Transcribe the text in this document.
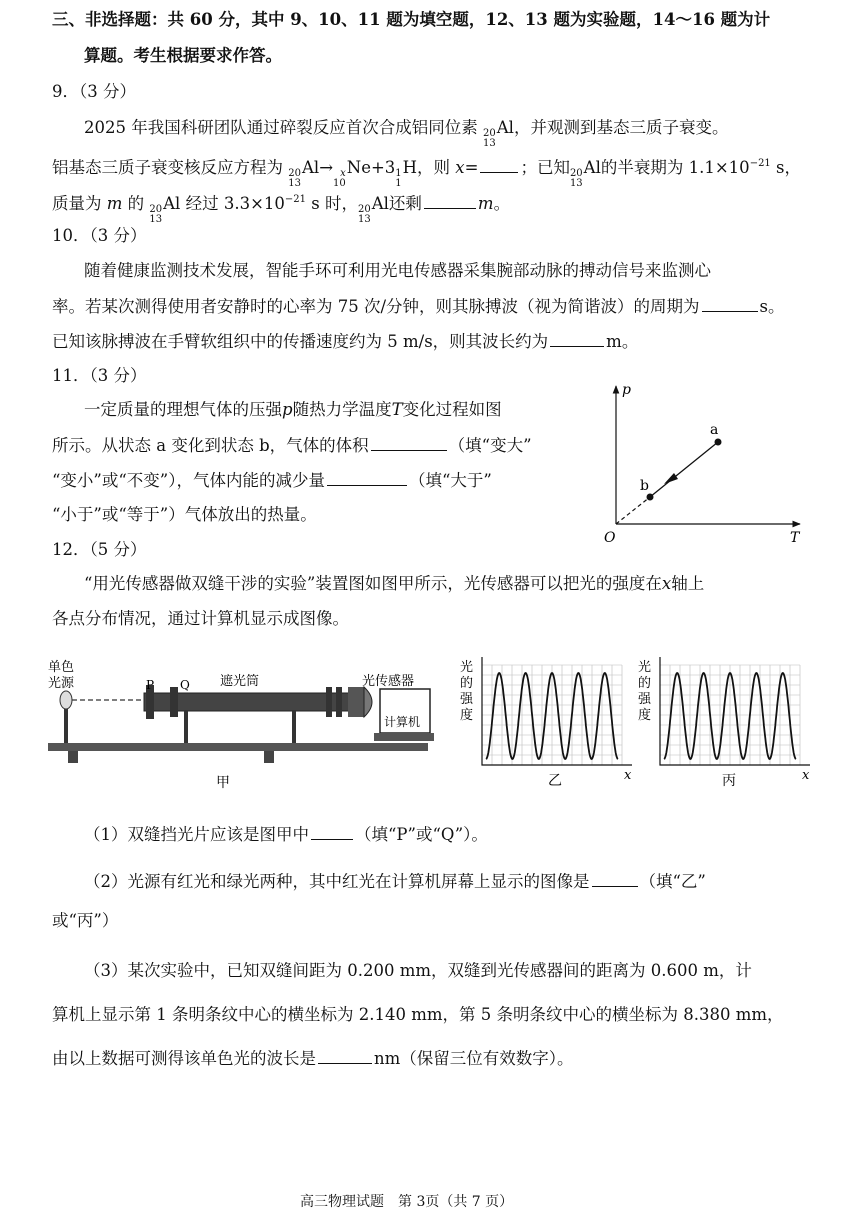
三、非选择题：共 60 分，其中 9、10、11 题为填空题，12、13 题为实验题，14～16 题为计
算题。考生根据要求作答。
9．（3 分）
2025 年我国科研团队通过碎裂反应首次合成铝同位素 20
13
Al，并观测到基态三质子衰变。
铝基态三质子衰变核反应方程为 20
13
Al→ x
10
Ne+3 1
1
H，则 x=	；已知 20
13
Al的半衰期为 $1.1\times 10^{-21}$ s，
质量为 m 的 20
13
Al 经过 $3.3\times 10^{-21}$ s 时， 20
13
Al还剩	m。
10．（3 分）
随着健康监测技术发展，智能手环可利用光电传感器采集腕部动脉的搏动信号来监测心
率。若某次测得使用者安静时的心率为 75 次/分钟，则其脉搏波（视为简谐波）的周期为	s。
已知该脉搏波在手臂软组织中的传播速度约为 5 m/s，则其波长约为	m。
11．（3 分）
一定质量的理想气体的压强p随热力学温度T变化过程如图
所示。从状态 a 变化到状态 b，气体的体积	（填“变大”
“变小”或“不变”），气体内能的减少量	（填“大于”
“小于”或“等于”）气体放出的热量。
p
T
O
a
b
12．（5 分）
“用光传感器做双缝干涉的实验”装置图如图甲所示，光传感器可以把光的强度在x轴上
各点分布情况，通过计算机显示成图像。
计算机
单色
光源	P Q 遮光筒	光传感器
甲
光
的
强
度
乙	x
光
的
强
度
丙	x
（1）双缝挡光片应该是图甲中	（填“P”或“Q”）。
（2）光源有红光和绿光两种，其中红光在计算机屏幕上显示的图像是	（填“乙”
或“丙”）
（3）某次实验中，已知双缝间距为 0.200 mm，双缝到光传感器间的距离为 0.600 m，计
算机上显示第 1 条明条纹中心的横坐标为 2.140 mm，第 5 条明条纹中心的横坐标为 8.380 mm，
由以上数据可测得该单色光的波长是	nm（保留三位有效数字）。
高三物理试题　第 3页（共 7 页）
